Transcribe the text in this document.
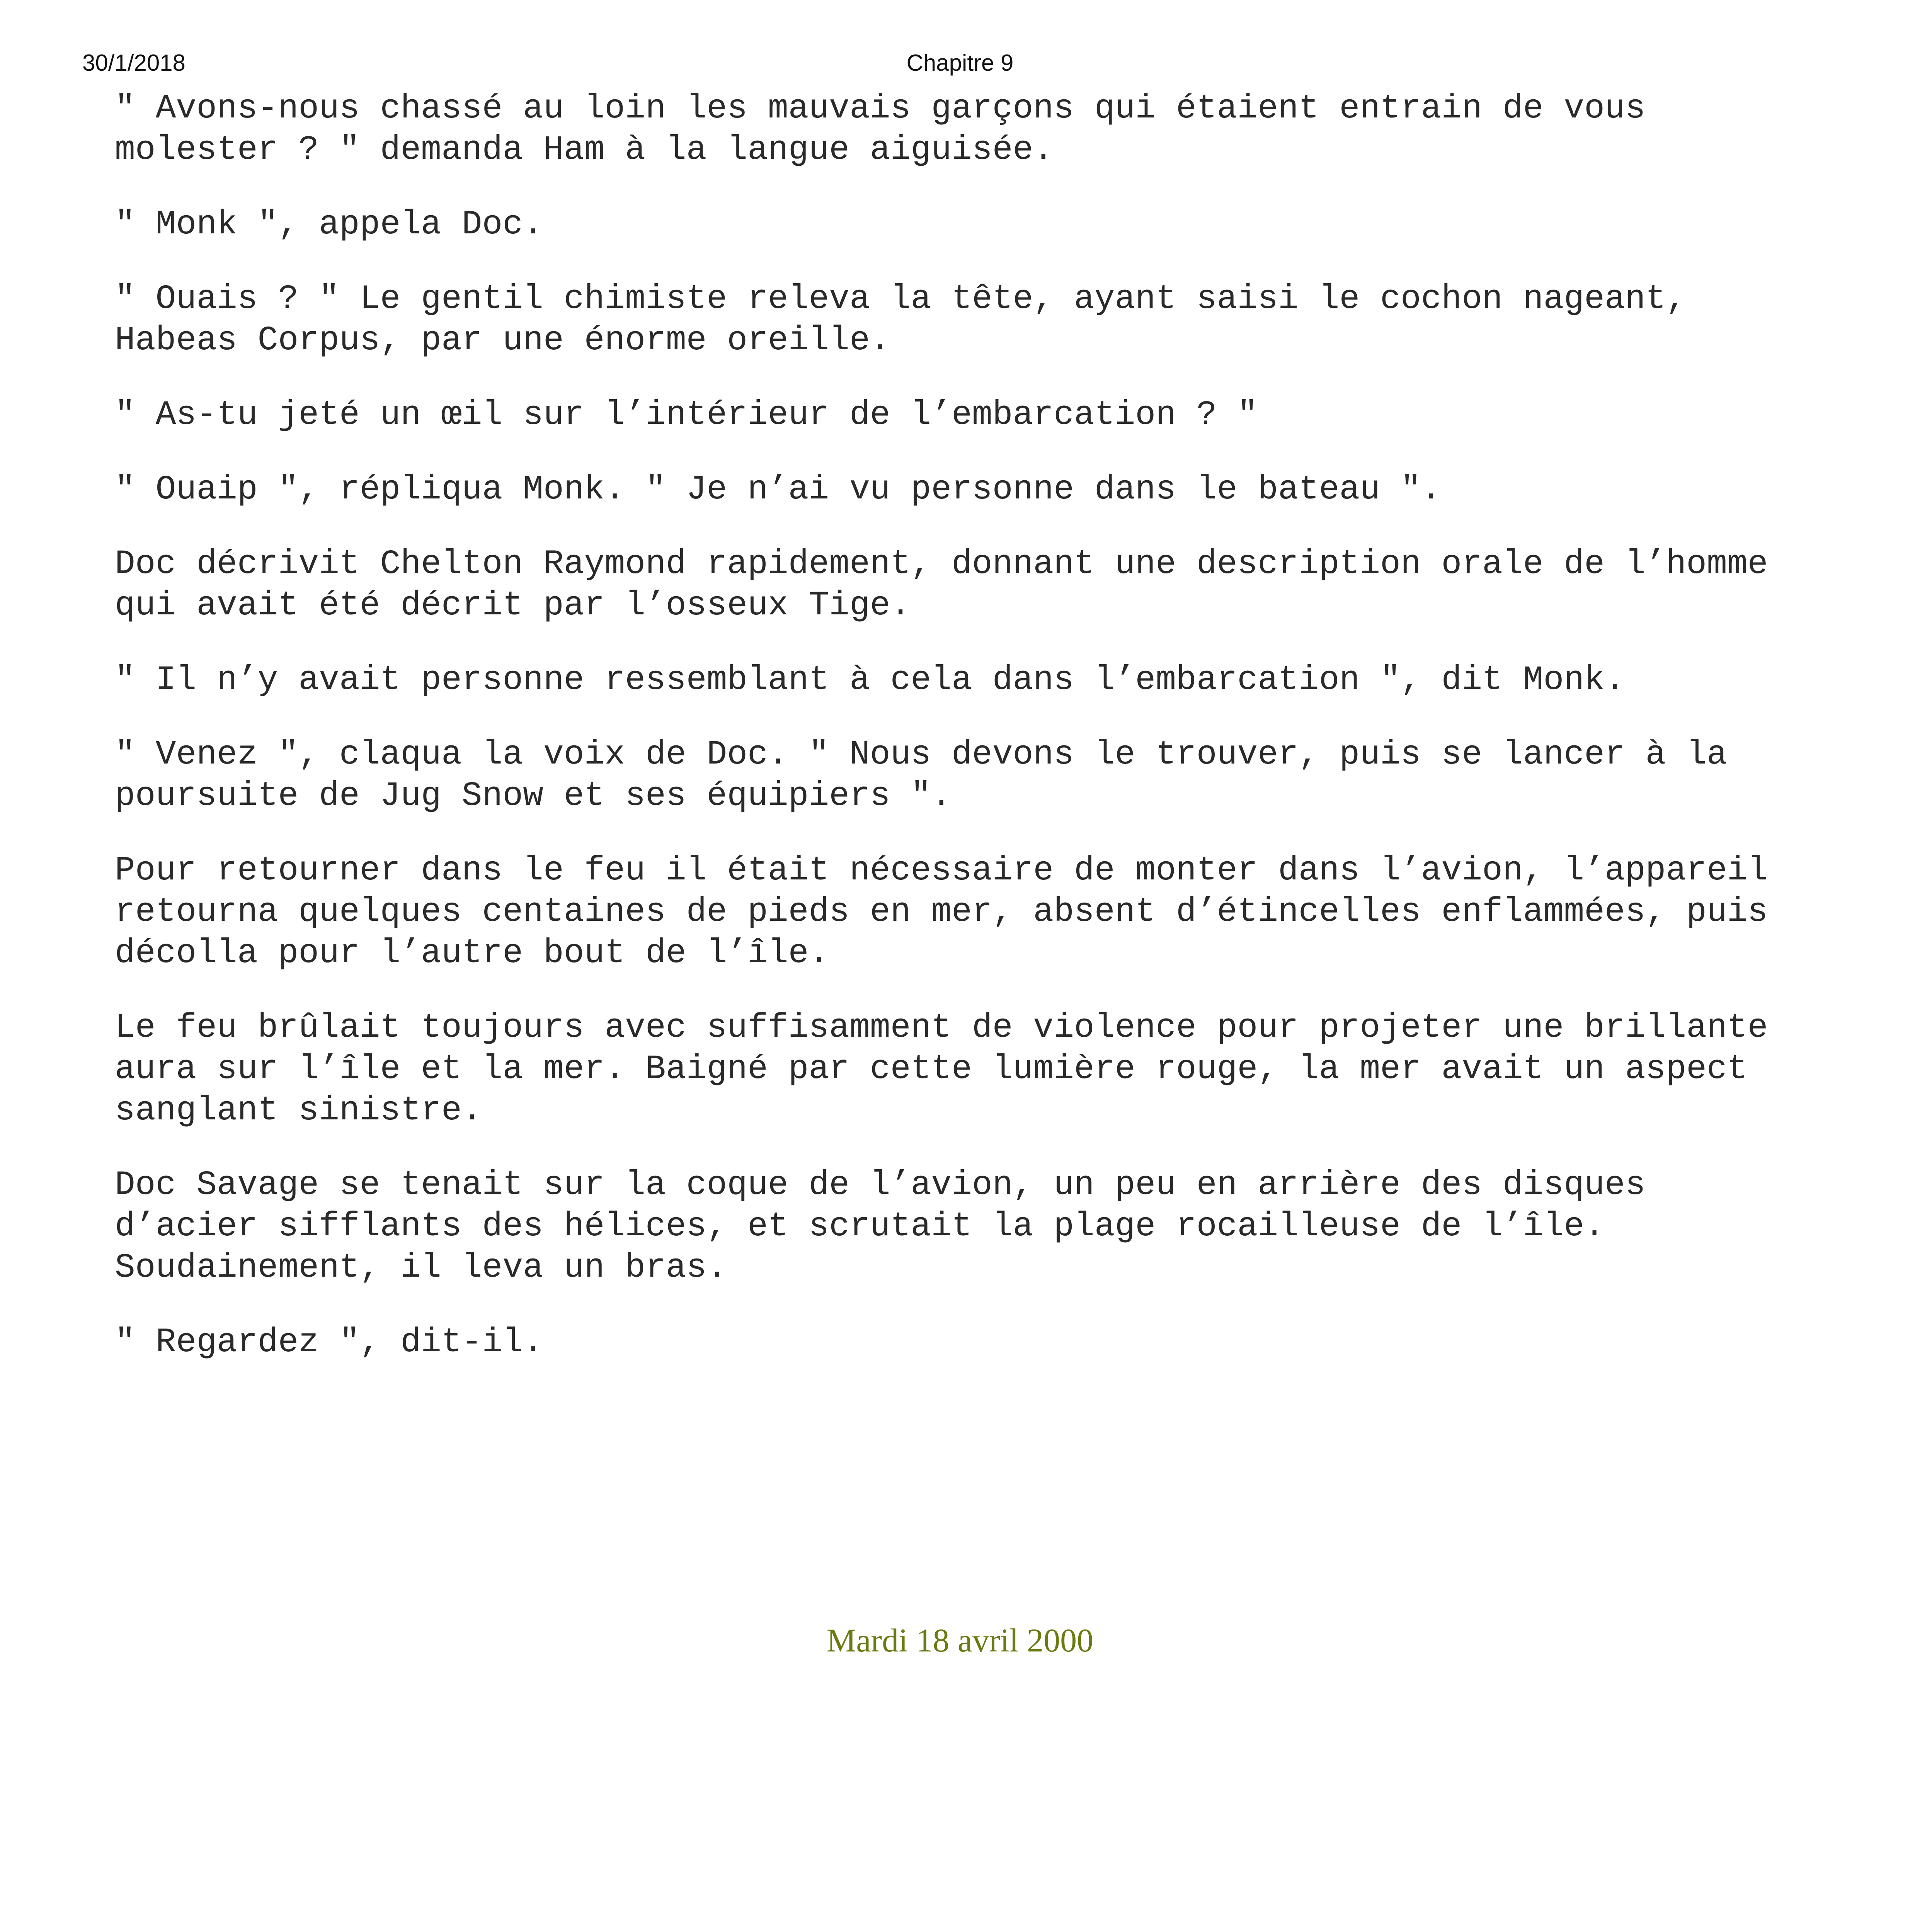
30/1/2018	Chapitre 9

" Avons-nous chassé au loin les mauvais garçons qui étaient entrain de vous
molester ? " demanda Ham à la langue aiguisée.

" Monk ", appela Doc.

" Ouais ? " Le gentil chimiste releva la tête, ayant saisi le cochon nageant,
Habeas Corpus, par une énorme oreille.

" As-tu jeté un œil sur l’intérieur de l’embarcation ? "

" Ouaip ", répliqua Monk. " Je n’ai vu personne dans le bateau ".

Doc décrivit Chelton Raymond rapidement, donnant une description orale de l’homme
qui avait été décrit par l’osseux Tige.

" Il n’y avait personne ressemblant à cela dans l’embarcation ", dit Monk.

" Venez ", claqua la voix de Doc. " Nous devons le trouver, puis se lancer à la
poursuite de Jug Snow et ses équipiers ".

Pour retourner dans le feu il était nécessaire de monter dans l’avion, l’appareil
retourna quelques centaines de pieds en mer, absent d’étincelles enflammées, puis
décolla pour l’autre bout de l’île.

Le feu brûlait toujours avec suffisamment de violence pour projeter une brillante
aura sur l’île et la mer. Baigné par cette lumière rouge, la mer avait un aspect
sanglant sinistre.

Doc Savage se tenait sur la coque de l’avion, un peu en arrière des disques
d’acier sifflants des hélices, et scrutait la plage rocailleuse de l’île.
Soudainement, il leva un bras.

" Regardez ", dit-il.

Mardi 18 avril 2000
